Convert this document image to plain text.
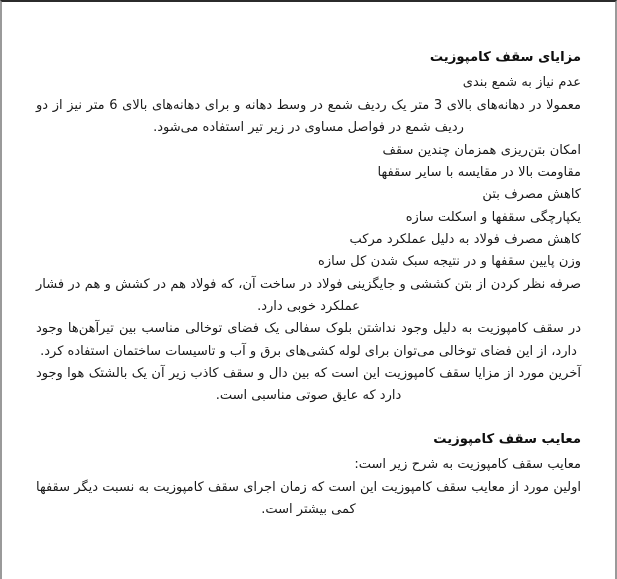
مزایای سقف کامپوزیت

عدم نیاز به شمع بندی

معمولا در دهانه‌های بالای 3 متر یک ردیف شمع در وسط دهانه و برای دهانه‌های بالای 6 متر نیز از دو ردیف شمع در فواصل مساوی در زیر تیر استفاده می‌شود.

امکان بتن‌ریزی همزمان چندین سقف

مقاومت بالا در مقایسه با سایر سقفها

کاهش مصرف بتن

یکپارچگی سقفها و اسکلت سازه

کاهش مصرف فولاد به دلیل عملکرد مرکب

وزن پایین سقفها و در نتیجه سبک شدن کل سازه

صرفه نظر کردن از بتن کششی و جایگزینی فولاد در ساخت آن، که فولاد هم در کشش و هم در فشار عملکرد خوبی دارد.

در سقف کامپوزیت به دلیل وجود نداشتن بلوک سفالی یک فضای توخالی مناسب بین تیرآهن‌ها وجود دارد، از این فضای توخالی می‌توان برای لوله کشی‌های برق و آب و تاسیسات ساختمان استفاده کرد.

آخرین مورد از مزایا سقف کامپوزیت این است که بین دال و سقف کاذب زیر آن یک بالشتک هوا وجود دارد که عایق صوتی مناسبی است.

معایب سقف کامپوزیت

معایب سقف کامپوزیت به شرح زیر است:

اولین مورد از معایب سقف کامپوزیت این است که زمان اجرای سقف کامپوزیت به نسبت دیگر سقفها کمی بیشتر است.
